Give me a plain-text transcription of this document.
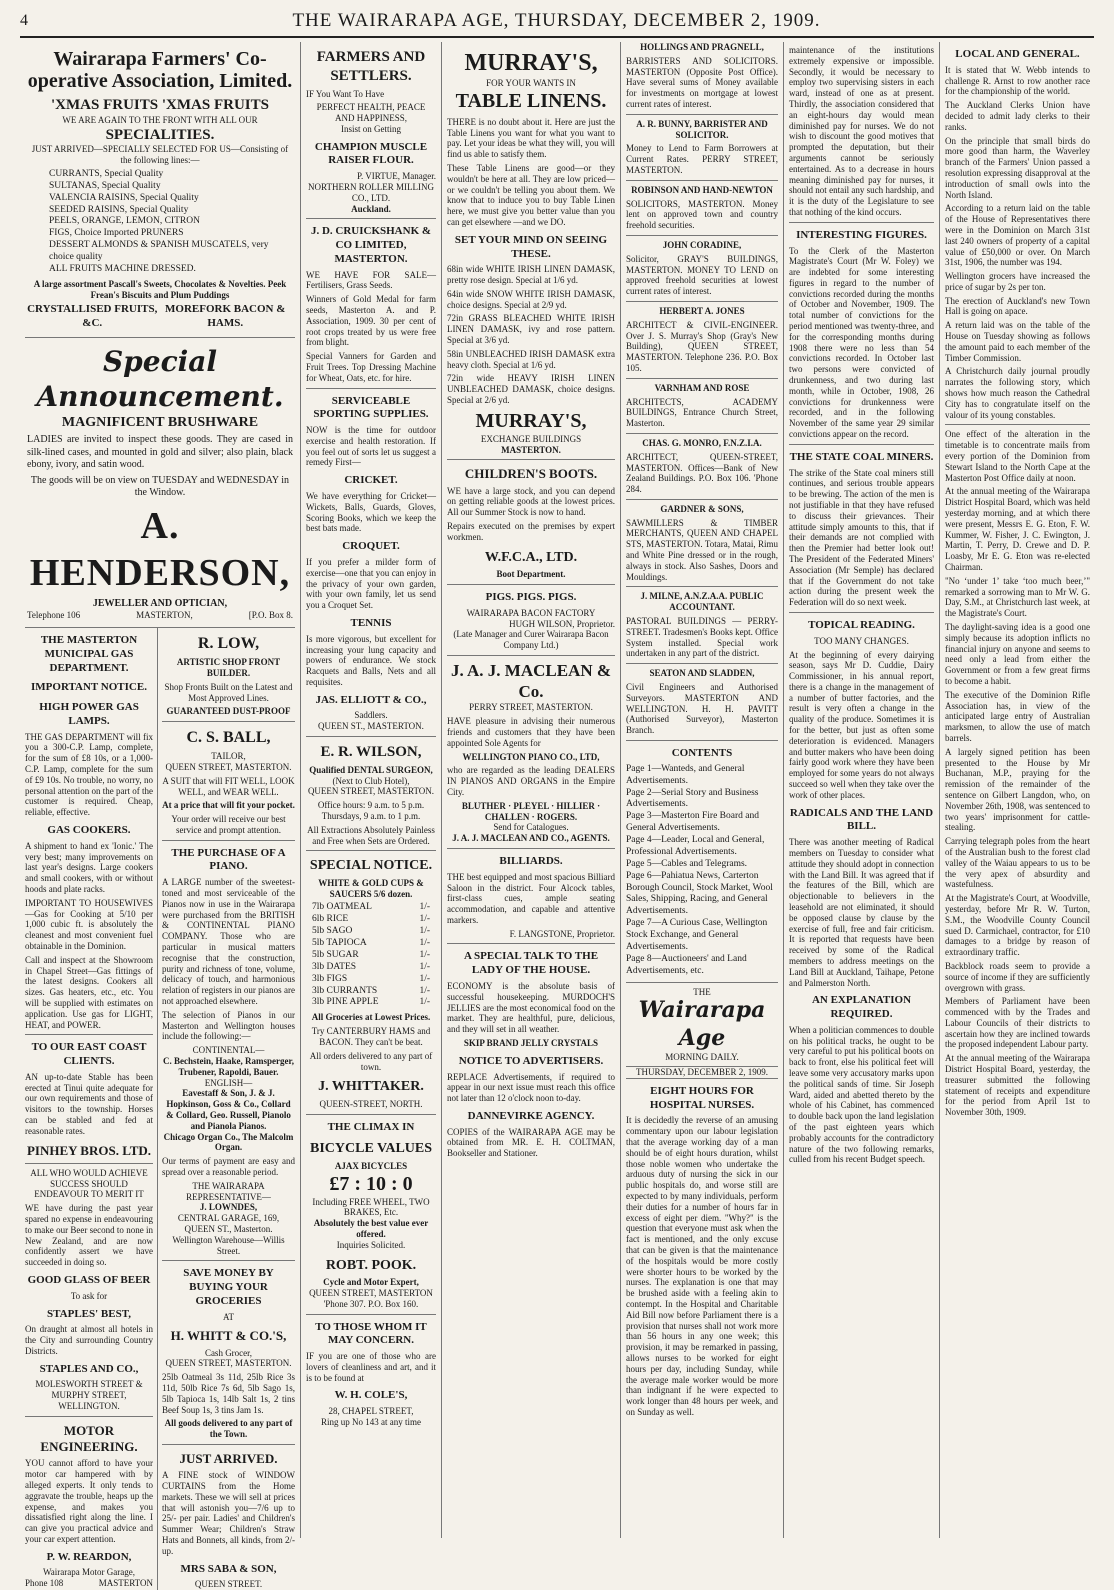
4	THE WAIRARAPA AGE, THURSDAY, DECEMBER 2, 1909.
Wairarapa Farmers' Co-operative Association, Limited.
'XMAS FRUITS 'XMAS FRUITS
WE ARE AGAIN TO THE FRONT WITH ALL OUR
SPECIALITIES.
JUST ARRIVED—SPECIALLY SELECTED FOR US—Consisting of the following lines:—
CURRANTS, Special Quality
SULTANAS, Special Quality
VALENCIA RAISINS, Special Quality
SEEDED RAISINS, Special Quality
PEELS, ORANGE, LEMON, CITRON
FIGS, Choice Imported PRUNERS
DESSERT ALMONDS & SPANISH MUSCATELS, very choice quality
ALL FRUITS MACHINE DRESSED.
A large assortment Pascall's Sweets, Chocolates & Novelties. Peek Frean's Biscuits and Plum Puddings
CRYSTALLISED FRUITS, &C.
MOREFORK BACON & HAMS.
Special Announcement.
MAGNIFICENT BRUSHWARE

LADIES are invited to inspect these goods. They are cased in silk-lined cases, and mounted in gold and silver; also plain, black ebony, ivory, and satin wood.

The goods will be on view on TUESDAY and WEDNESDAY in the Window.

A. HENDERSON,
JEWELLER AND OPTICIAN,
Telephone 106	MASTERTON,	[P.O. Box 8.
THE MASTERTON MUNICIPAL GAS DEPARTMENT.
IMPORTANT NOTICE.
HIGH POWER GAS LAMPS.

THE GAS DEPARTMENT will fix you a 300-C.P. Lamp, complete, for the sum of £8 10s, or a 1,000-C.P. Lamp, complete for the sum of £9 10s. No trouble, no worry, no personal attention on the part of the customer is required. Cheap, reliable, effective.

GAS COOKERS.

A shipment to hand ex 'Ionic.' The very best; many improvements on last year's designs. Large cookers and small cookers, with or without hoods and plate racks.

IMPORTANT TO HOUSEWIVES—Gas for Cooking at 5/10 per 1,000 cubic ft. is absolutely the cleanest and most convenient fuel obtainable in the Dominion.

Call and inspect at the Showroom in Chapel Street—Gas fittings of the latest designs. Cookers all sizes. Gas heaters, etc., etc. You will be supplied with estimates on application. Use gas for LIGHT, HEAT, and POWER.

TO OUR EAST COAST CLIENTS.

AN up-to-date Stable has been erected at Tinui quite adequate for our own requirements and those of visitors to the township. Horses can be stabled and fed at reasonable rates.

PINHEY BROS. LTD.

ALL WHO WOULD ACHIEVE SUCCESS SHOULD ENDEAVOUR TO MERIT IT

WE have during the past year spared no expense in endeavouring to make our Beer second to none in New Zealand, and are now confidently assert we have succeeded in doing so.

GOOD GLASS OF BEER
To ask for
STAPLES' BEST,

On draught at almost all hotels in the City and surrounding Country Districts.

STAPLES AND CO.,
MOLESWORTH STREET & MURPHY STREET,
WELLINGTON.
MOTOR ENGINEERING.

YOU cannot afford to have your motor car hampered with by alleged experts. It only tends to aggravate the trouble, heaps up the expense, and makes you dissatisfied right along the line. I can give you practical advice and your car expert attention.

P. W. REARDON,
Wairarapa Motor Garage,
Phone 108	MASTERTON
R. LOW,
ARTISTIC SHOP FRONT BUILDER.

Shop Fronts Built on the Latest and Most Approved Lines.

GUARANTEED DUST-PROOF
C. S. BALL,
TAILOR,
QUEEN STREET, MASTERTON.

A SUIT that will FIT WELL, LOOK WELL, and WEAR WELL.

At a price that will fit your pocket.

Your order will receive our best service and prompt attention.

THE PURCHASE OF A PIANO.

A LARGE number of the sweetest-toned and most serviceable of the Pianos now in use in the Wairarapa were purchased from the BRITISH & CONTINENTAL PIANO COMPANY. Those who are particular in musical matters recognise that the construction, purity and richness of tone, volume, delicacy of touch, and harmonious relation of registers in our pianos are not approached elsewhere.

The selection of Pianos in our Masterton and Wellington houses include the following:—

CONTINENTAL—
C. Bechstein, Haake, Ramsperger, Trubener, Rapoldi, Bauer.
ENGLISH—
Eavestaff & Son, J. & J. Hopkinson, Goss & Co., Collard & Collard, Geo. Russell, Pianolo and Pianola Pianos.
Chicago Organ Co., The Malcolm Organ.

Our terms of payment are easy and spread over a reasonable period.

THE WAIRARAPA REPRESENTATIVE—
J. LOWNDES,
CENTRAL GARAGE, 169, QUEEN ST., Masterton.
Wellington Warehouse—Willis Street.
SAVE MONEY BY BUYING YOUR GROCERIES
AT
H. WHITT & CO.'S,
Cash Grocer,
QUEEN STREET, MASTERTON.

25lb Oatmeal 3s 11d, 25lb Rice 3s 11d, 50lb Rice 7s 6d, 5lb Sago 1s, 5lb Tapioca 1s, 14lb Salt 1s, 2 tins Beef Soup 1s, 3 tins Jam 1s.

All goods delivered to any part of the Town.
JUST ARRIVED.

A FINE stock of WINDOW CURTAINS from the Home markets. These we will sell at prices that will astonish you—7/6 up to 25/- per pair. Ladies' and Children's Summer Wear; Children's Straw Hats and Bonnets, all kinds, from 2/- up.

MRS SABA & SON,
QUEEN STREET.
FARMERS AND SETTLERS.

IF You Want To Have

PERFECT HEALTH, PEACE AND HAPPINESS,
Insist on Getting
CHAMPION MUSCLE RAISER FLOUR.
P. VIRTUE, Manager.
NORTHERN ROLLER MILLING CO., LTD.
Auckland.
J. D. CRUICKSHANK & CO LIMITED, MASTERTON.

WE HAVE FOR SALE—Fertilisers, Grass Seeds.

Winners of Gold Medal for farm seeds, Masterton A. and P. Association, 1909. 30 per cent of root crops treated by us were free from blight.

Special Vanners for Garden and Fruit Trees. Top Dressing Machine for Wheat, Oats, etc. for hire.

SERVICEABLE SPORTING SUPPLIES.

NOW is the time for outdoor exercise and health restoration. If you feel out of sorts let us suggest a remedy First—

CRICKET.

We have everything for Cricket—Wickets, Balls, Guards, Gloves, Scoring Books, which we keep the best bats made.

CROQUET.

If you prefer a milder form of exercise—one that you can enjoy in the privacy of your own garden, with your own family, let us send you a Croquet Set.

TENNIS

Is more vigorous, but excellent for increasing your lung capacity and powers of endurance. We stock Racquets and Balls, Nets and all requisites.

JAS. ELLIOTT & CO.,
Saddlers.
QUEEN ST., MASTERTON.
E. R. WILSON,
Qualified DENTAL SURGEON,
(Next to Club Hotel),
QUEEN STREET, MASTERTON.

Office hours: 9 a.m. to 5 p.m. Thursdays, 9 a.m. to 1 p.m.

All Extractions Absolutely Painless and Free when Sets are Ordered.

SPECIAL NOTICE.
WHITE & GOLD CUPS & SAUCERS 5/6 dozen.
7lb OATMEAL	1/-
6lb RICE	1/-
5lb SAGO	1/-
5lb TAPIOCA	1/-
5lb SUGAR	1/-
3lb DATES	1/-
3lb FIGS	1/-
3lb CURRANTS	1/-
3lb PINE APPLE	1/-
All Groceries at Lowest Prices.

Try CANTERBURY HAMS and BACON. They can't be beat.

All orders delivered to any part of town.

J. WHITTAKER.
QUEEN-STREET, NORTH.
THE CLIMAX IN
BICYCLE VALUES
AJAX BICYCLES
£7 : 10 : 0
Including FREE WHEEL, TWO BRAKES, Etc.
Absolutely the best value ever offered.
Inquiries Solicited.
ROBT. POOK.
Cycle and Motor Expert,
QUEEN STREET, MASTERTON
'Phone 307. P.O. Box 160.
TO THOSE WHOM IT MAY CONCERN.

IF you are one of those who are lovers of cleanliness and art, and it is to be found at

W. H. COLE'S,
28, CHAPEL STREET,
Ring up No 143 at any time
MURRAY'S,
FOR YOUR WANTS IN
TABLE LINENS.

THERE is no doubt about it. Here are just the Table Linens you want for what you want to pay. Let your ideas be what they will, you will find us able to satisfy them.

These Table Linens are good—or they wouldn't be here at all. They are low priced—or we couldn't be telling you about them. We know that to induce you to buy Table Linen here, we must give you better value than you can get elsewhere —and we DO.

SET YOUR MIND ON SEEING THESE.

68in wide WHITE IRISH LINEN DAMASK, pretty rose design. Special at 1/6 yd.

64in wide SNOW WHITE IRISH DAMASK, choice designs. Special at 2/9 yd.

72in GRASS BLEACHED WHITE IRISH LINEN DAMASK, ivy and rose pattern. Special at 3/6 yd.

58in UNBLEACHED IRISH DAMASK extra heavy cloth. Special at 1/6 yd.

72in wide HEAVY IRISH LINEN UNBLEACHED DAMASK, choice designs. Special at 2/6 yd.

MURRAY'S,
EXCHANGE BUILDINGS
MASTERTON.
CHILDREN'S BOOTS.

WE have a large stock, and you can depend on getting reliable goods at the lowest prices. All our Summer Stock is now to hand.

Repairs executed on the premises by expert workmen.

W.F.C.A., LTD.
Boot Department.
PIGS. PIGS. PIGS.
WAIRARAPA BACON FACTORY
HUGH WILSON, Proprietor.
(Late Manager and Curer Wairarapa Bacon Company Ltd.)
J. A. J. MACLEAN & Co.
PERRY STREET, MASTERTON.

HAVE pleasure in advising their numerous friends and customers that they have been appointed Sole Agents for

WELLINGTON PIANO CO., LTD,

who are regarded as the leading DEALERS IN PIANOS AND ORGANS in the Empire City.

BLUTHER · PLEYEL · HILLIER · CHALLEN · ROGERS.
Send for Catalogues.
J. A. J. MACLEAN AND CO., AGENTS.
BILLIARDS.

THE best equipped and most spacious Billiard Saloon in the district. Four Alcock tables, first-class cues, ample seating accommodation, and capable and attentive markers.

F. LANGSTONE, Proprietor.
A SPECIAL TALK TO THE LADY OF THE HOUSE.

ECONOMY is the absolute basis of successful housekeeping. MURDOCH'S JELLIES are the most economical food on the market. They are healthful, pure, delicious, and they will set in all weather.

SKIP BRAND JELLY CRYSTALS
NOTICE TO ADVERTISERS.

REPLACE Advertisements, if required to appear in our next issue must reach this office not later than 12 o'clock noon to-day.

DANNEVIRKE AGENCY.

COPIES of the WAIRARAPA AGE may be obtained from MR. E. H. COLTMAN, Bookseller and Stationer.

HOLLINGS AND PRAGNELL,

BARRISTERS AND SOLICITORS. MASTERTON (Opposite Post Office). Have several sums of Money available for investments on mortgage at lowest current rates of interest.

A. R. BUNNY, BARRISTER AND SOLICITOR.

Money to Lend to Farm Borrowers at Current Rates. PERRY STREET, MASTERTON.

ROBINSON AND HAND-NEWTON

SOLICITORS, MASTERTON. Money lent on approved town and country freehold securities.

JOHN CORADINE,

Solicitor, GRAY'S BUILDINGS, MASTERTON. MONEY TO LEND on approved freehold securities at lowest current rates of interest.

HERBERT A. JONES

ARCHITECT & CIVIL-ENGINEER. Over J. S. Murray's Shop (Gray's New Building), QUEEN STREET, MASTERTON. Telephone 236. P.O. Box 105.

VARNHAM AND ROSE

ARCHITECTS, ACADEMY BUILDINGS, Entrance Church Street, Masterton.

CHAS. G. MONRO, F.N.Z.I.A.

ARCHITECT, QUEEN-STREET, MASTERTON. Offices—Bank of New Zealand Buildings. P.O. Box 106. 'Phone 284.

GARDNER & SONS,

SAWMILLERS & TIMBER MERCHANTS, QUEEN AND CHAPEL STS, MASTERTON. Totara, Matai, Rimu and White Pine dressed or in the rough, always in stock. Also Sashes, Doors and Mouldings.

J. MILNE, A.N.Z.A.A. PUBLIC ACCOUNTANT.

PASTORAL BUILDINGS — PERRY-STREET. Tradesmen's Books kept. Office System installed. Special work undertaken in any part of the district.

SEATON AND SLADDEN,

Civil Engineers and Authorised Surveyors. MASTERTON AND WELLINGTON. H. H. PAVITT (Authorised Surveyor), Masterton Branch.

CONTENTS
Page 1—Wanteds, and General Advertisements.
Page 2—Serial Story and Business Advertisements.
Page 3—Masterton Fire Board and General Advertisements.
Page 4—Leader, Local and General, Professional Advertisements.
Page 5—Cables and Telegrams.
Page 6—Pahiatua News, Carterton Borough Council, Stock Market, Wool Sales, Shipping, Racing, and General Advertisements.
Page 7—A Curious Case, Wellington Stock Exchange, and General Advertisements.
Page 8—Auctioneers' and Land Advertisements, etc.
THE
Wairarapa Age
MORNING DAILY.
THURSDAY, DECEMBER 2, 1909.
EIGHT HOURS FOR HOSPITAL NURSES.

It is decidedly the reverse of an amusing commentary upon our labour legislation that the average working day of a man should be of eight hours duration, whilst those noble women who undertake the arduous duty of nursing the sick in our public hospitals do, and worse still are expected to by many individuals, perform their duties for a number of hours far in excess of eight per diem. "Why?" is the question that everyone must ask when the fact is mentioned, and the only excuse that can be given is that the maintenance of the hospitals would be more costly were shorter hours to be worked by the nurses. The explanation is one that may be brushed aside with a feeling akin to contempt. In the Hospital and Charitable Aid Bill now before Parliament there is a provision that nurses shall not work more than 56 hours in any one week; this provision, it may be remarked in passing, allows nurses to be worked for eight hours per day, including Sunday, while the average male worker would be more than indignant if he were expected to work longer than 48 hours per week, and on Sunday as well.

maintenance of the institutions extremely expensive or impossible. Secondly, it would be necessary to employ two supervising sisters in each ward, instead of one as at present. Thirdly, the association considered that an eight-hours day would mean diminished pay for nurses. We do not wish to discount the good motives that prompted the deputation, but their arguments cannot be seriously entertained. As to a decrease in hours meaning diminished pay for nurses, it should not entail any such hardship, and it is the duty of the Legislature to see that nothing of the kind occurs.

INTERESTING FIGURES.

To the Clerk of the Masterton Magistrate's Court (Mr W. Foley) we are indebted for some interesting figures in regard to the number of convictions recorded during the months of October and November, 1909. The total number of convictions for the period mentioned was twenty-three, and for the corresponding months during 1908 there were no less than 54 convictions recorded. In October last two persons were convicted of drunkenness, and two during last month, while in October, 1908, 26 convictions for drunkenness were recorded, and in the following November of the same year 29 similar convictions appear on the record.

THE STATE COAL MINERS.

The strike of the State coal miners still continues, and serious trouble appears to be brewing. The action of the men is not justifiable in that they have refused to discuss their grievances. Their attitude simply amounts to this, that if their demands are not complied with then the Premier had better look out! The President of the Federated Miners' Association (Mr Semple) has declared that if the Government do not take action during the present week the Federation will do so next week.

TOPICAL READING.
TOO MANY CHANGES.

At the beginning of every dairying season, says Mr D. Cuddie, Dairy Commissioner, in his annual report, there is a change in the management of a number of butter factories, and the result is very often a change in the quality of the produce. Sometimes it is for the better, but just as often some deterioration is evidenced. Managers and butter makers who have been doing fairly good work where they have been employed for some years do not always succeed so well when they take over the work of other places.

RADICALS AND THE LAND BILL.

There was another meeting of Radical members on Tuesday to consider what attitude they should adopt in connection with the Land Bill. It was agreed that if the features of the Bill, which are objectionable to believers in the leasehold are not eliminated, it should be opposed clause by clause by the exercise of full, free and fair criticism. It is reported that requests have been received by some of the Radical members to address meetings on the Land Bill at Auckland, Taihape, Petone and Palmerston North.

AN EXPLANATION REQUIRED.

When a politician commences to double on his political tracks, he ought to be very careful to put his political boots on back to front, else his political feet will leave some very accusatory marks upon the political sands of time. Sir Joseph Ward, aided and abetted thereto by the whole of his Cabinet, has commenced to double back upon the land legislation of the past eighteen years which probably accounts for the contradictory nature of the two following remarks, culled from his recent Budget speech.

LOCAL AND GENERAL.

It is stated that W. Webb intends to challenge R. Arnst to row another race for the championship of the world.

The Auckland Clerks Union have decided to admit lady clerks to their ranks.

On the principle that small birds do more good than harm, the Waverley branch of the Farmers' Union passed a resolution expressing disapproval at the introduction of small owls into the North Island.

According to a return laid on the table of the House of Representatives there were in the Dominion on March 31st last 240 owners of property of a capital value of £50,000 or over. On March 31st, 1906, the number was 194.

Wellington grocers have increased the price of sugar by 2s per ton.

The erection of Auckland's new Town Hall is going on apace.

A return laid was on the table of the House on Tuesday showing as follows the amount paid to each member of the Timber Commission.

A Christchurch daily journal proudly narrates the following story, which shows how much reason the Cathedral City has to congratulate itself on the valour of its young constables.

One effect of the alteration in the timetable is to concentrate mails from every portion of the Dominion from Stewart Island to the North Cape at the Masterton Post Office daily at noon.

At the annual meeting of the Wairarapa District Hospital Board, which was held yesterday morning, and at which there were present, Messrs E. G. Eton, F. W. Kummer, W. Fisher, J. C. Ewington, J. Martin, T. Perry, D. Crewe and D. P. Loasby, Mr E. G. Eton was re-elected Chairman.

"No ‘under 1’ take ‘too much beer,’" remarked a sorrowing man to Mr W. G. Day, S.M., at Christchurch last week, at the Magistrate's Court.

The daylight-saving idea is a good one simply because its adoption inflicts no financial injury on anyone and seems to need only a lead from either the Government or from a few great firms to become a habit.

The executive of the Dominion Rifle Association has, in view of the anticipated large entry of Australian marksmen, to allow the use of match barrels.

A largely signed petition has been presented to the House by Mr Buchanan, M.P., praying for the remission of the remainder of the sentence on Gilbert Langdon, who, on November 26th, 1908, was sentenced to two years' imprisonment for cattle-stealing.

Carrying telegraph poles from the heart of the Australian bush to the forest clad valley of the Waiau appears to us to be the very apex of absurdity and wastefulness.

At the Magistrate's Court, at Woodville, yesterday, before Mr R. W. Turton, S.M., the Woodville County Council sued D. Carmichael, contractor, for £10 damages to a bridge by reason of extraordinary traffic.

Backblock roads seem to provide a source of income if they are sufficiently overgrown with grass.

Members of Parliament have been commenced with by the Trades and Labour Councils of their districts to ascertain how they are inclined towards the proposed independent Labour party.

At the annual meeting of the Wairarapa District Hospital Board, yesterday, the treasurer submitted the following statement of receipts and expenditure for the period from April 1st to November 30th, 1909.
